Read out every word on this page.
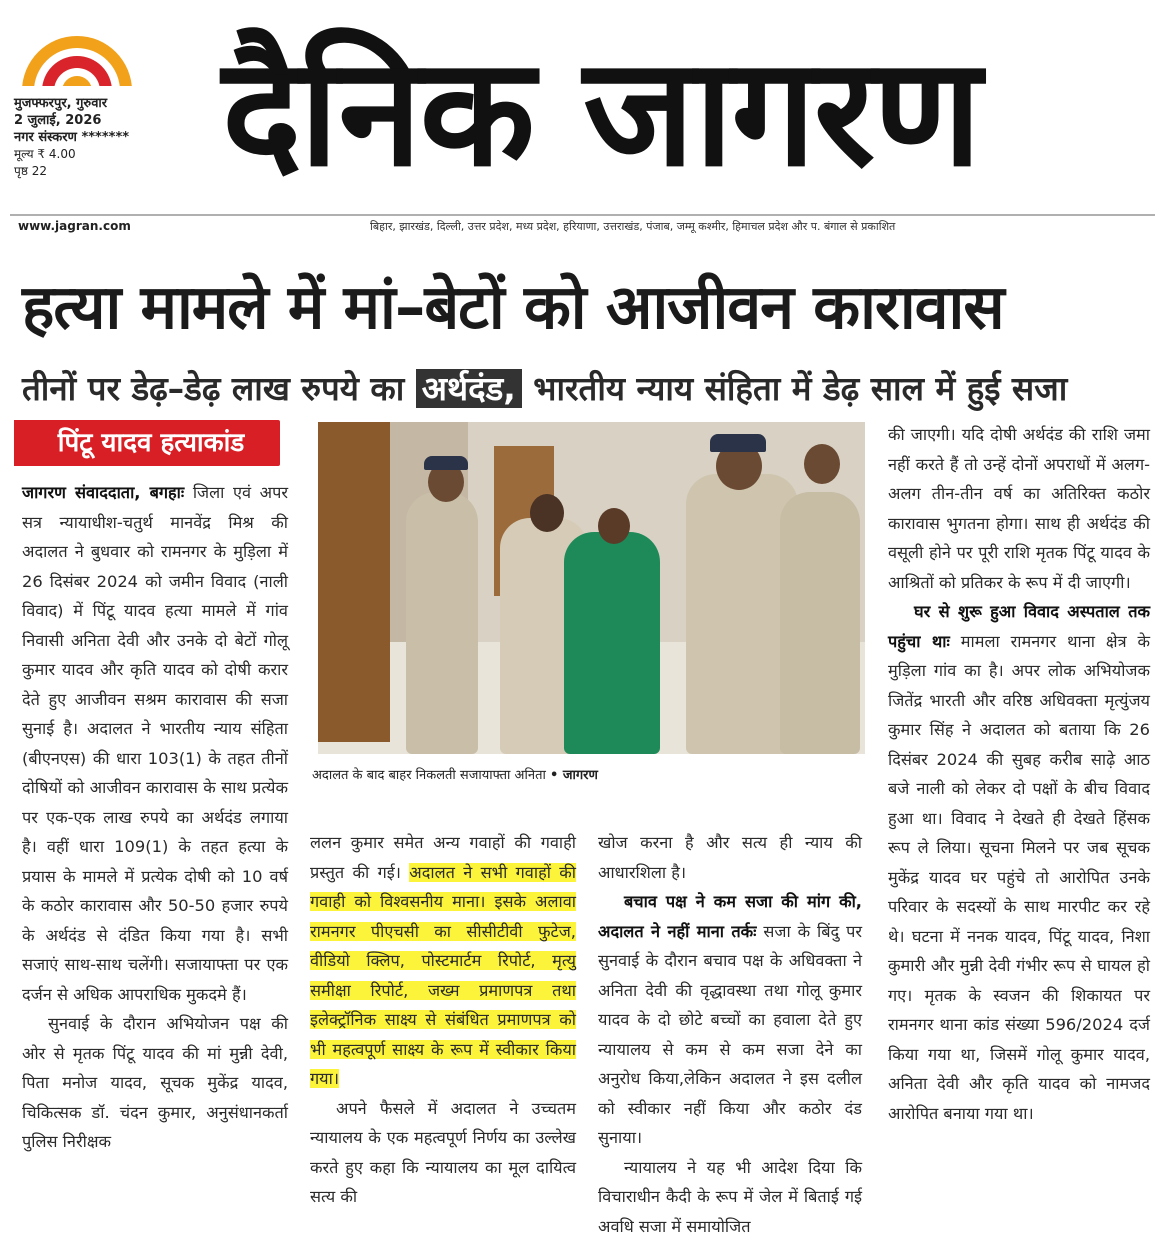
मुजफ्फरपुर, गुरुवार
2 जुलाई, 2026
नगर संस्करण *******
मूल्य ₹ 4.00
पृष्ठ 22	दैनिक जागरण
www.jagran.com	बिहार, झारखंड, दिल्ली, उत्तर प्रदेश, मध्य प्रदेश, हरियाणा, उत्तराखंड, पंजाब, जम्मू कश्मीर, हिमाचल प्रदेश और प. बंगाल से प्रकाशित
हत्या मामले में मां–बेटों को आजीवन कारावास
तीनों पर डेढ़–डेढ़ लाख रुपये का अर्थदंड, भारतीय न्याय संहिता में डेढ़ साल में हुई सजा
पिंटू यादव हत्याकांड

जागरण संवाददाता, बगहाः जिला एवं अपर सत्र न्यायाधीश-चतुर्थ मानवेंद्र मिश्र की अदालत ने बुधवार को रामनगर के मुड़िला में 26 दिसंबर 2024 को जमीन विवाद (नाली विवाद) में पिंटू यादव हत्या मामले में गांव निवासी अनिता देवी और उनके दो बेटों गोलू कुमार यादव और कृति यादव को दोषी करार देते हुए आजीवन सश्रम कारावास की सजा सुनाई है। अदालत ने भारतीय न्याय संहिता (बीएनएस) की धारा 103(1) के तहत तीनों दोषियों को आजीवन कारावास के साथ प्रत्येक पर एक-एक लाख रुपये का अर्थदंड लगाया है। वहीं धारा 109(1) के तहत हत्या के प्रयास के मामले में प्रत्येक दोषी को 10 वर्ष के कठोर कारावास और 50-50 हजार रुपये के अर्थदंड से दंडित किया गया है। सभी सजाएं साथ-साथ चलेंगी। सजायाफ्ता पर एक दर्जन से अधिक आपराधिक मुकदमे हैं।

सुनवाई के दौरान अभियोजन पक्ष की ओर से मृतक पिंटू यादव की मां मुन्नी देवी, पिता मनोज यादव, सूचक मुकेंद्र यादव, चिकित्सक डॉ. चंदन कुमार, अनुसंधानकर्ता पुलिस निरीक्षक

अदालत के बाद बाहर निकलती सजायाफ्ता अनिता • जागरण

ललन कुमार समेत अन्य गवाहों की गवाही प्रस्तुत की गई। अदालत ने सभी गवाहों की गवाही को विश्वसनीय माना। इसके अलावा रामनगर पीएचसी का सीसीटीवी फुटेज, वीडियो क्लिप, पोस्टमार्टम रिपोर्ट, मृत्यु समीक्षा रिपोर्ट, जख्म प्रमाणपत्र तथा इलेक्ट्रॉनिक साक्ष्य से संबंधित प्रमाणपत्र को भी महत्वपूर्ण साक्ष्य के रूप में स्वीकार किया गया।

अपने फैसले में अदालत ने उच्चतम न्यायालय के एक महत्वपूर्ण निर्णय का उल्लेख करते हुए कहा कि न्यायालय का मूल दायित्व सत्य की

खोज करना है और सत्य ही न्याय की आधारशिला है।

बचाव पक्ष ने कम सजा की मांग की, अदालत ने नहीं माना तर्कः सजा के बिंदु पर सुनवाई के दौरान बचाव पक्ष के अधिवक्ता ने अनिता देवी की वृद्धावस्था तथा गोलू कुमार यादव के दो छोटे बच्चों का हवाला देते हुए न्यायालय से कम से कम सजा देने का अनुरोध किया,लेकिन अदालत ने इस दलील को स्वीकार नहीं किया और कठोर दंड सुनाया।

न्यायालय ने यह भी आदेश दिया कि विचाराधीन कैदी के रूप में जेल में बिताई गई अवधि सजा में समायोजित

की जाएगी। यदि दोषी अर्थदंड की राशि जमा नहीं करते हैं तो उन्हें दोनों अपराधों में अलग-अलग तीन-तीन वर्ष का अतिरिक्त कठोर कारावास भुगतना होगा। साथ ही अर्थदंड की वसूली होने पर पूरी राशि मृतक पिंटू यादव के आश्रितों को प्रतिकर के रूप में दी जाएगी।

घर से शुरू हुआ विवाद अस्पताल तक पहुंचा थाः मामला रामनगर थाना क्षेत्र के मुड़िला गांव का है। अपर लोक अभियोजक जितेंद्र भारती और वरिष्ठ अधिवक्ता मृत्युंजय कुमार सिंह ने अदालत को बताया कि 26 दिसंबर 2024 की सुबह करीब साढ़े आठ बजे नाली को लेकर दो पक्षों के बीच विवाद हुआ था। विवाद ने देखते ही देखते हिंसक रूप ले लिया। सूचना मिलने पर जब सूचक मुकेंद्र यादव घर पहुंचे तो आरोपित उनके परिवार के सदस्यों के साथ मारपीट कर रहे थे। घटना में ननक यादव, पिंटू यादव, निशा कुमारी और मुन्नी देवी गंभीर रूप से घायल हो गए। मृतक के स्वजन की शिकायत पर रामनगर थाना कांड संख्या 596/2024 दर्ज किया गया था, जिसमें गोलू कुमार यादव, अनिता देवी और कृति यादव को नामजद आरोपित बनाया गया था।
